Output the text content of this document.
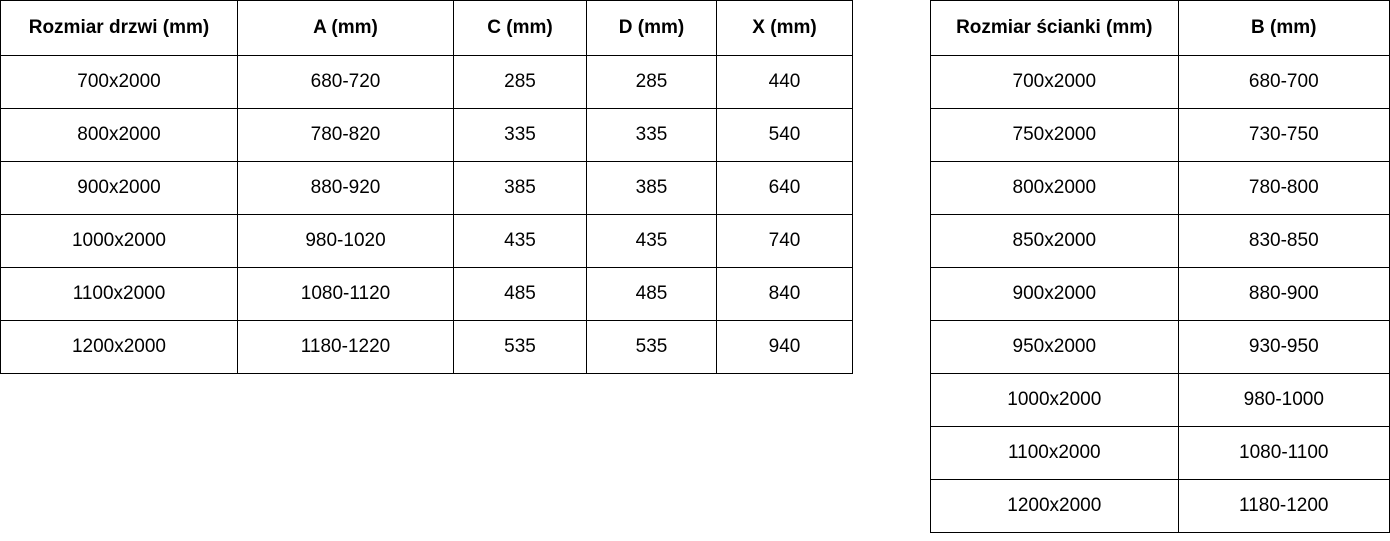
Rozmiar drzwi (mm)	A (mm)	C (mm)	D (mm)	X (mm)
700x2000	680-720	285	285	440
800x2000	780-820	335	335	540
900x2000	880-920	385	385	640
1000x2000	980-1020	435	435	740
1100x2000	1080-1120	485	485	840
1200x2000	1180-1220	535	535	940
Rozmiar ścianki (mm)	B (mm)
700x2000	680-700
750x2000	730-750
800x2000	780-800
850x2000	830-850
900x2000	880-900
950x2000	930-950
1000x2000	980-1000
1100x2000	1080-1100
1200x2000	1180-1200
